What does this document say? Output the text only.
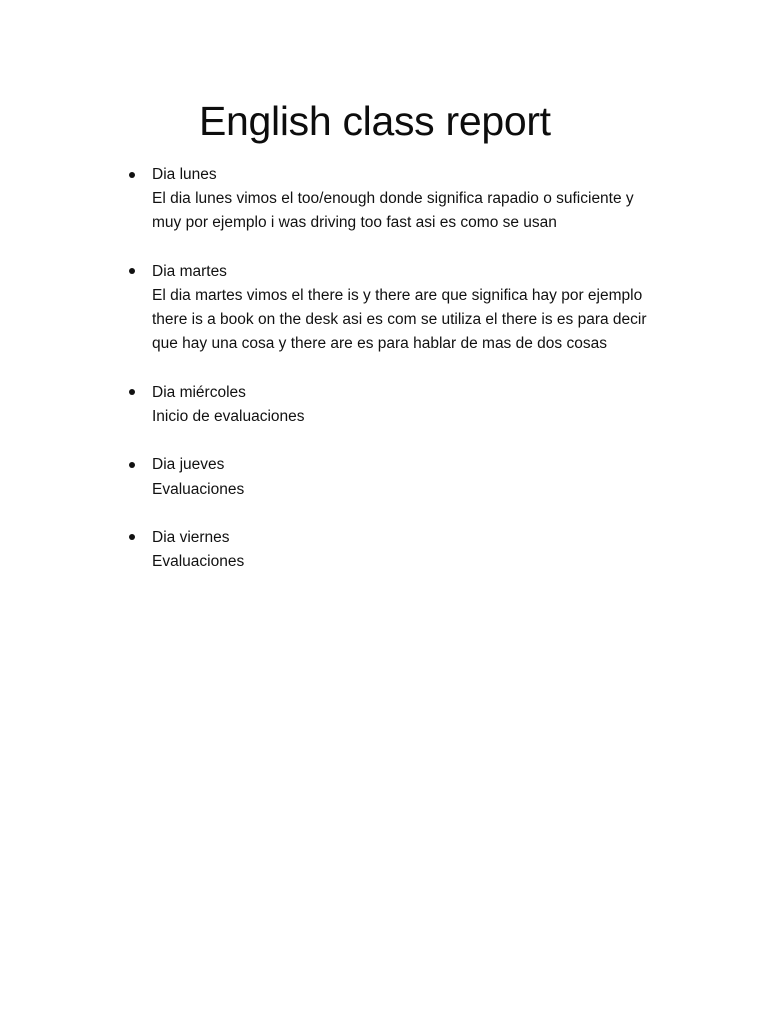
English class report
Dia lunes
El dia lunes vimos el too/enough donde significa rapadio o suficiente y
muy por ejemplo i was driving too fast asi es como se usan
Dia martes
El dia martes vimos el there is y there are que significa hay por ejemplo
there is a book on the desk asi es com se utiliza el there is es para decir
que hay una cosa y there are es para hablar de mas de dos cosas
Dia miércoles
Inicio de evaluaciones
Dia jueves
Evaluaciones
Dia viernes
Evaluaciones
